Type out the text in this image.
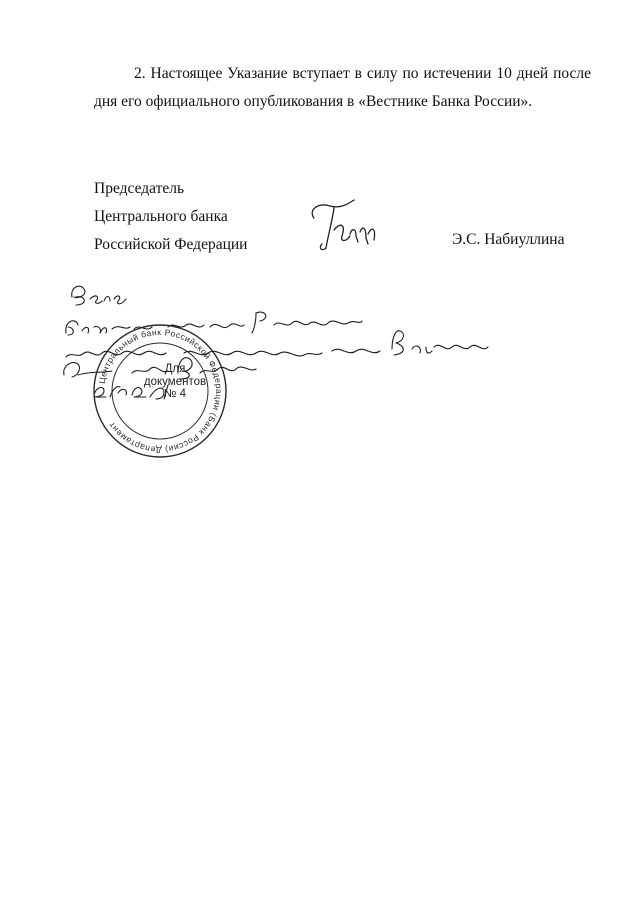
2. Настоящее Указание вступает в силу по истечении 10 дней после
дня его официального опубликования в «Вестнике Банка России».
Председатель
Центрального банка
Российской Федерации	Э.С. Набиуллина
Центральный банк Российской Федерации (Банк России) Департамент
Для
документов
№ 4
